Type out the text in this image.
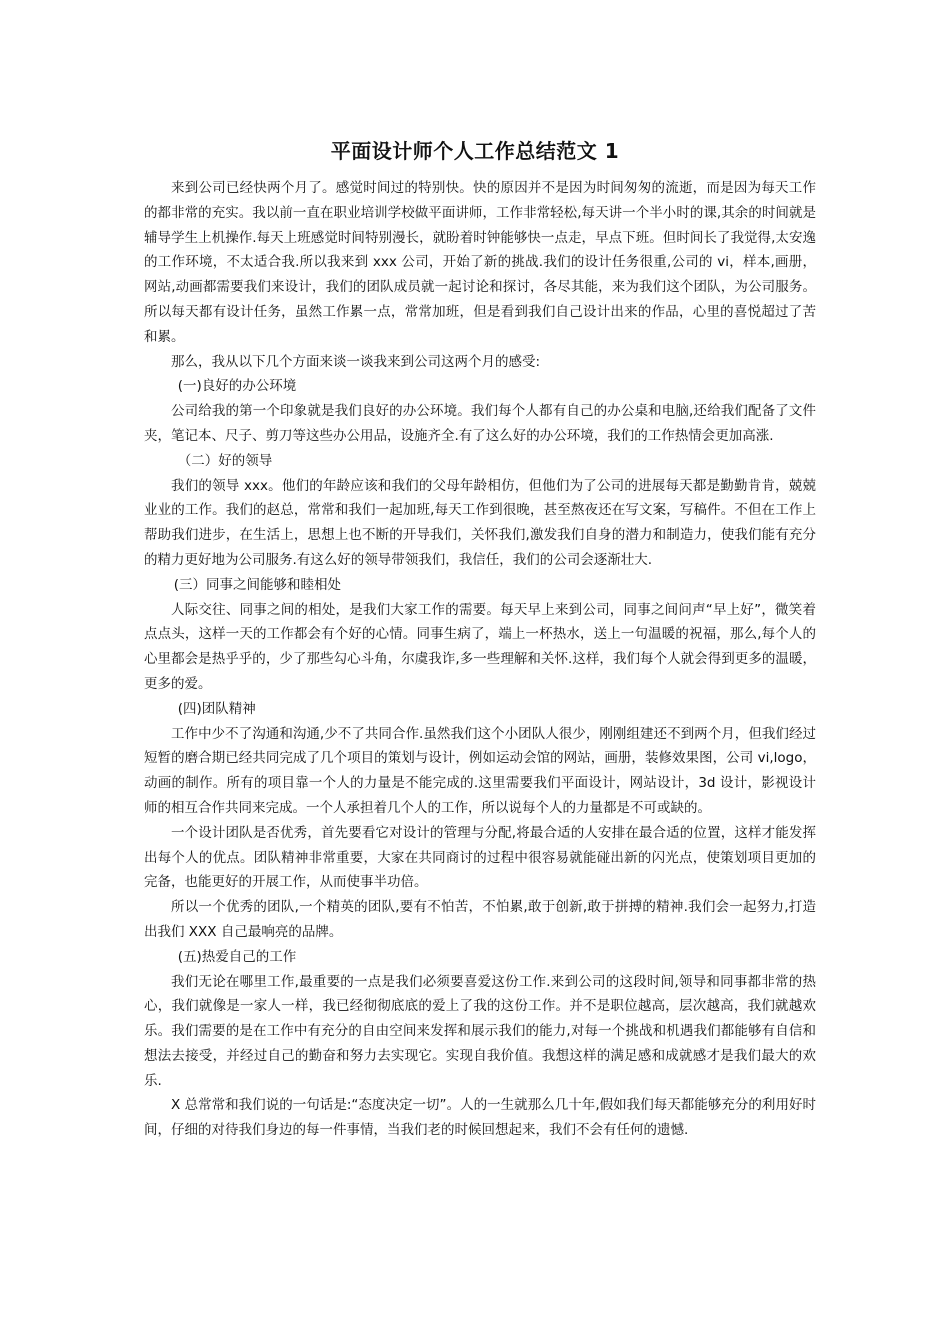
平面设计师个人工作总结范文 1

来到公司已经快两个月了。感觉时间过的特别快。快的原因并不是因为时间匆匆的流逝，而是因为每天工作的都非常的充实。我以前一直在职业培训学校做平面讲师，工作非常轻松,每天讲一个半小时的课,其余的时间就是辅导学生上机操作.每天上班感觉时间特别漫长，就盼着时钟能够快一点走，早点下班。但时间长了我觉得,太安逸的工作环境，不太适合我.所以我来到 xxx 公司，开始了新的挑战.我们的设计任务很重,公司的 vi，样本,画册，网站,动画都需要我们来设计，我们的团队成员就一起讨论和探讨，各尽其能，来为我们这个团队，为公司服务。所以每天都有设计任务，虽然工作累一点，常常加班，但是看到我们自己设计出来的作品，心里的喜悦超过了苦和累。

那么，我从以下几个方面来谈一谈我来到公司这两个月的感受:

(一)良好的办公环境

公司给我的第一个印象就是我们良好的办公环境。我们每个人都有自己的办公桌和电脑,还给我们配备了文件夹，笔记本、尺子、剪刀等这些办公用品，设施齐全.有了这么好的办公环境，我们的工作热情会更加高涨.

（二）好的领导

我们的领导 xxx。他们的年龄应该和我们的父母年龄相仿，但他们为了公司的进展每天都是勤勤肯肯，兢兢业业的工作。我们的赵总，常常和我们一起加班,每天工作到很晚，甚至熬夜还在写文案，写稿件。不但在工作上帮助我们进步，在生活上，思想上也不断的开导我们，关怀我们,激发我们自身的潜力和制造力，使我们能有充分的精力更好地为公司服务.有这么好的领导带领我们，我信任，我们的公司会逐渐壮大.

(三）同事之间能够和睦相处

人际交往、同事之间的相处，是我们大家工作的需要。每天早上来到公司，同事之间问声“早上好”，微笑着点点头，这样一天的工作都会有个好的心情。同事生病了，端上一杯热水，送上一句温暖的祝福，那么,每个人的心里都会是热乎乎的，少了那些勾心斗角，尔虞我诈,多一些理解和关怀.这样，我们每个人就会得到更多的温暖，更多的爱。

(四)团队精神

工作中少不了沟通和沟通,少不了共同合作.虽然我们这个小团队人很少，刚刚组建还不到两个月，但我们经过短暂的磨合期已经共同完成了几个项目的策划与设计，例如运动会馆的网站，画册，装修效果图，公司 vi,logo，动画的制作。所有的项目靠一个人的力量是不能完成的.这里需要我们平面设计，网站设计，3d 设计，影视设计师的相互合作共同来完成。一个人承担着几个人的工作，所以说每个人的力量都是不可或缺的。

一个设计团队是否优秀，首先要看它对设计的管理与分配,将最合适的人安排在最合适的位置，这样才能发挥出每个人的优点。团队精神非常重要，大家在共同商讨的过程中很容易就能碰出新的闪光点，使策划项目更加的完备，也能更好的开展工作，从而使事半功倍。

所以一个优秀的团队,一个精英的团队,要有不怕苦，不怕累,敢于创新,敢于拼搏的精神.我们会一起努力,打造出我们 XXX 自己最响亮的品牌。

(五)热爱自己的工作

我们无论在哪里工作,最重要的一点是我们必须要喜爱这份工作.来到公司的这段时间,领导和同事都非常的热心，我们就像是一家人一样，我已经彻彻底底的爱上了我的这份工作。并不是职位越高，层次越高，我们就越欢乐。我们需要的是在工作中有充分的自由空间来发挥和展示我们的能力,对每一个挑战和机遇我们都能够有自信和想法去接受，并经过自己的勤奋和努力去实现它。实现自我价值。我想这样的满足感和成就感才是我们最大的欢乐.

X 总常常和我们说的一句话是:“态度决定一切”。人的一生就那么几十年,假如我们每天都能够充分的利用好时间，仔细的对待我们身边的每一件事情，当我们老的时候回想起来，我们不会有任何的遗憾.
